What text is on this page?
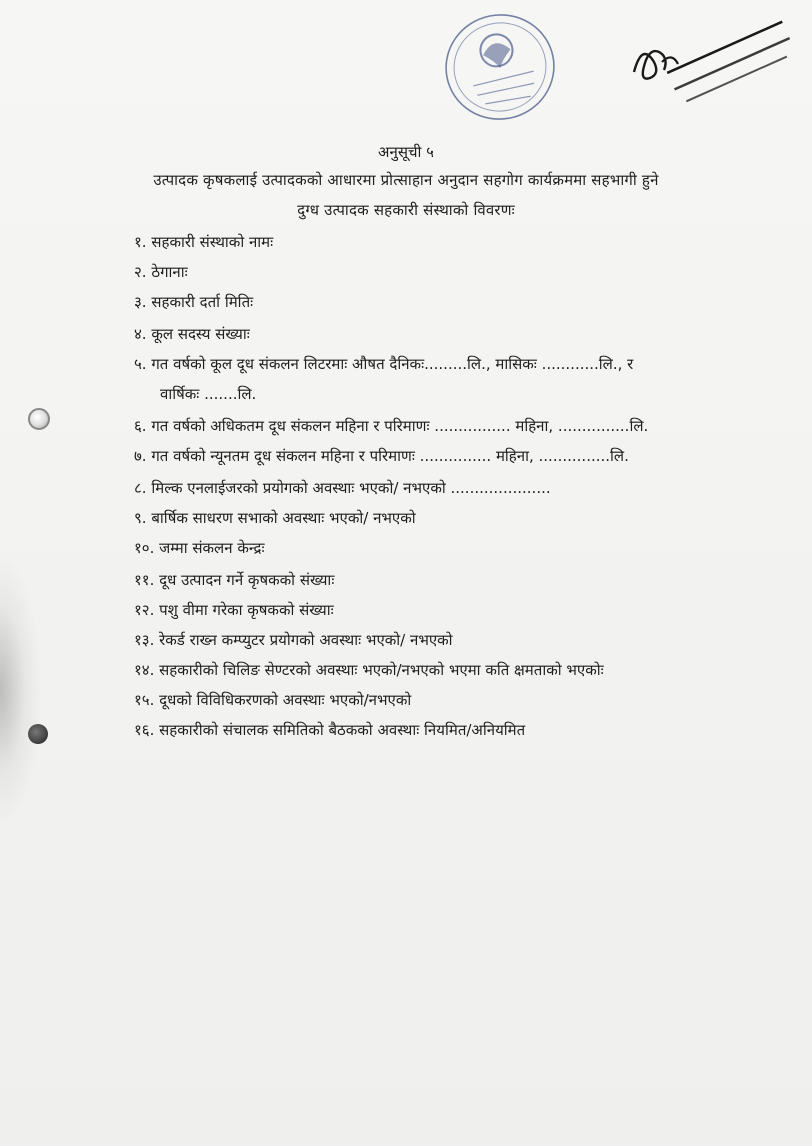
अनुसूची ५
उत्पादक कृषकलाई उत्पादकको आधारमा प्रोत्साहान अनुदान सहगोग कार्यक्रममा सहभागी हुने
दुग्ध उत्पादक सहकारी संस्थाको विवरणः
१. सहकारी संस्थाको नामः
२. ठेगानाः
३. सहकारी दर्ता मितिः
४. कूल सदस्य संख्याः
५. गत वर्षको कूल दूध संकलन लिटरमाः औषत दैनिकः.........लि., मासिकः ............लि., र
वार्षिकः .......लि.
६. गत वर्षको अधिकतम दूध संकलन महिना र परिमाणः ................ महिना, ...............लि.
७. गत वर्षको न्यूनतम दूध संकलन महिना र परिमाणः ............... महिना, ...............लि.
८. मिल्क एनलाईजरको प्रयोगको अवस्थाः भएको/ नभएको .....................
९. बार्षिक साधरण सभाको अवस्थाः भएको/ नभएको
१०. जम्मा संकलन केन्द्रः
११. दूध उत्पादन गर्ने कृषकको संख्याः
१२. पशु वीमा गरेका कृषकको संख्याः
१३. रेकर्ड राख्न कम्प्युटर प्रयोगको अवस्थाः भएको/ नभएको
१४. सहकारीको चिलिङ सेण्टरको अवस्थाः भएको/नभएको भएमा कति क्षमताको भएकोः
१५. दूधको विविधिकरणको अवस्थाः भएको/नभएको
१६. सहकारीको संचालक समितिको बैठकको अवस्थाः नियमित/अनियमित
